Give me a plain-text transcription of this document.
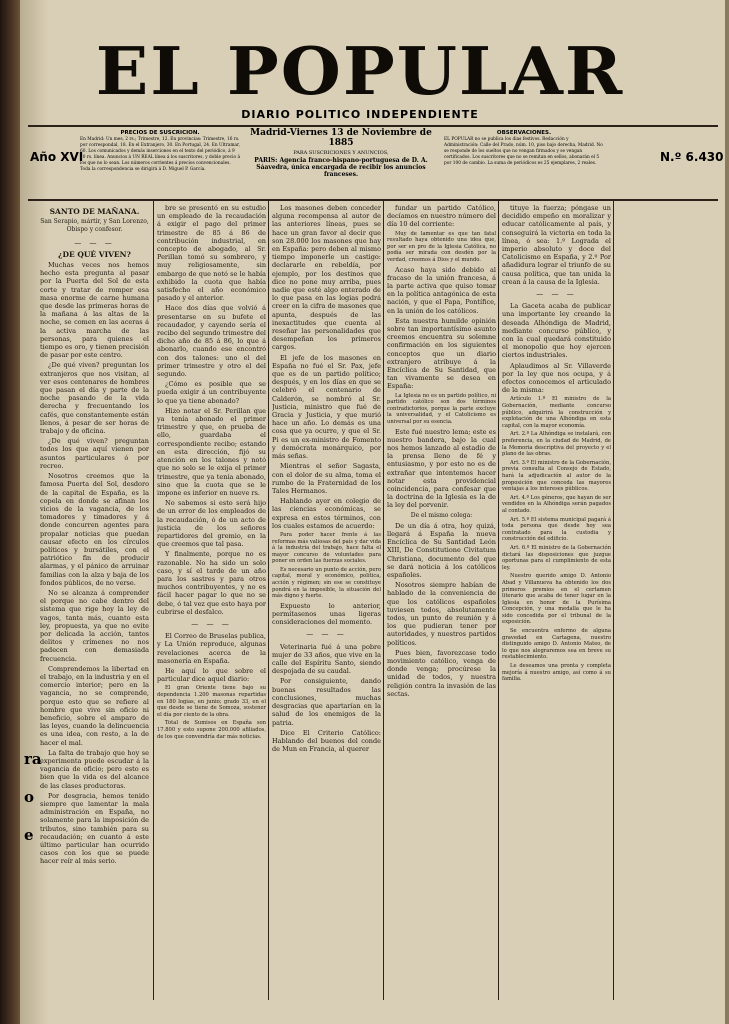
EL POPULAR
DIARIO POLITICO INDEPENDIENTE
Año XVI
PRECIOS DE SUSCRICION.
En Madrid: Un mes, 2 rs.; Trimestre, 12. En provincias: Trimestre, 16 rs. por correspondal, 18. En el Extranjero, 30. En Portugal, 24. En Ultramar, 60. Los comunicados y demás inserciones en el texto del periódico, á 9 10 rs. línea. Anuncios á UN REAL línea á los suscritores, y doble precio á los que no lo sean. Los números corrientes á precios convencionales. Toda la correspondencia se dirigirá á D. Miguel P. García.
Madrid-Viernes 13 de Noviembre de 1885
PARA SUSCRICIONES Y ANUNCIOS,
PARIS: Agencia franco-hispano-portuguesa de D. A. Sáavedra, única encargada de recibir los anuncios franceses.
OBSERVACIONES.
EL POPULAR no se publica los dias festivos. Redacción y Administración: Calle del Prado, núm. 10, piso bajo derecha, Madrid. No se responde de los sueltos que no vengan firmados y se vengan certificados. Los suscritores que no se remitan en sellos, abonarán el 5 por 100 de cambio. La suma de periódicos es 25 ejemplares, 2 reales.	N.º 6.430

SANTO DE MAÑANA.

San Serapio, mártir, y San Lorenzo, Obispo y confesor.

— — —

¿DE QUÉ VIVEN?

Muchas veces nos hemos hecho esta pregunta al pasar por la Puerta del Sol de esta corte y tratar de romper esa masa enorme de carne humana que desde las primeras horas de la mañana á las altas de la noche, se comen en las aceras á la activa marcha de las personas, para quienes el tiempo es oro, y tienen precisión de pasar por este centro.

¿De qué viven? preguntan los extranjeros que nos visitan, al ver esos centenares de hombres que pasan el día y parte de la noche pasando de la vida derecha y frecuentando los cafés, que constantemente están llenos, á pesar de ser horas de trabajo y de oficina.

¿De qué viven? preguntan todos los que aquí vienen por asuntos particulares ó por recreo.

Nosotros creemos que la famosa Puerta del Sol, desdoro de la capital de España, es la copela en donde se afinan los vicios de la vagancia, de los tomadores y timadores y á donde concurren agentes para propalar noticias que puedan causar efecto en los círculos políticos y bursátiles, con el patriótico fin de producir alarmas, y el pánico de arruinar familias con la alza y baja de los fondos públicos, de no verse.

No se alcanza á comprender el porque no cabe dentro del sistema que rige hoy la ley de vagos, tanta más, cuanto esta ley, propuesta, ya que no evite por delicada la acción, tantos delitos y crímenes no nos padecen con demasiada frecuencia.

Comprendemos la libertad en el trabajo, en la industria y en el comercio interior; pero en la vagancia, no se comprende, porque esto que se refiere al hombre que vive sin oficio ni beneficio, sobre el amparo de las leyes, cuando la delincuencia es una idea, con resto, a la de hacer el mal.

La falta de trabajo que hoy se experimenta puede escudar á la vagancia de oficio; pero esto es bien que la vida es del alcance de las clases productoras.

Por desgracia, hemos tenido siempre que lamentar la mala administración en España, no solamente para la imposición de tributos, sino también para su recaudación; en cuanto á este último particular han ocurrido casos con los que se puede hacer reír al más serio.

bre se presentó en su estudio un empleado de la recaudación á exigir el pago del primer trimestre de 85 á 86 de contribución industrial, en concepto de abogado, al Sr. Perillan tomó su sombrero, y muy religiosamente, sin embargo de que notó se le había exhibido la cuota que había satisfecho el año económico pasado y el anterior.

Hace dos días que volvió á presentarse en su bufete el recaudador, y cayendo sería el recibo del segundo trimestre del dicho año de 85 á 86, lo que á abonarlo, cuando ese encontró con dos talones: uno el del primer trimestre y otro el del segundo.

¿Cómo es posible que se pueda exigir á un contribuyente lo que ya tiene abonado?

Hizo notar el Sr. Perillan que ya tenía abonado el primer trimestre y que, en prueba de ello, guardaba el correspondiente recibo; estando en esta dirección, fijó su atención en los talones y notó que no solo se le exija el primer trimestre, que ya tenía abonado, sino que la cuota que se le impone es inferior en nueve rs.

No sabemos si esto será hijo de un error de los empleados de la recaudación, ó de un acto de justicia de los señores repartidores del gremio, en la que creemos que tal pasa.

Y finalmente, porque no es razonable. No ha sido un solo caso, y sí el tarde de un año para los sastres y para otros muchos contribuyentes, y no es fácil hacer pagar lo que no se debe, ó tal vez que esto haya por cubrirse el desfalco.

— — —

El Correo de Bruselas publica, y La Unión reproduce, algunas revelaciones acerca de la masonería en España.

He aquí lo que sobre el particular dice aquel diario:

El gran Oriente tiene bajo su dependencia 1.200 masonas repartidas en 180 logias, en junio; grado 33, en el que desde se tiene de Somoza, sostener el día por ciento de la obra.

Total de Sumisos en España son 17.800 y esto supone 200.000 afiliados, de los que convendría dar más noticias.

Los masones deben conceder alguna recompensa al autor de las anteriores líneas, pues se hace un gran favor al decir que son 28.000 los masones que hay en España: pero deben al mismo tiempo imponerle un castigo: declararle en rebeldía, por ejemplo, por los destinos que dice no pone muy arriba, pues nadie que esté algo enterado de lo que pasa en las logias podrá creer en la cifra de masones que apunta, después de las inexactitudes que cuenta al reseñar las personalidades que desempeñan los primeros cargos.

El jefe de los masones en España no fué el Sr. Pax, jefe que es de un partido político; después, y en los días en que se celebró el centenario de Calderón, se nombró al Sr. Justicia, ministro que fué de Gracia y Justicia, y que murió hace un año. Lo demás es una cosa que ya ocurre, y que el Sr. Pi es un ex-ministro de Fomento y demócrata monárquico, por más señas.

Mientras el señor Sagasta, con el dolor de su alma, toma el rumbo de la Fraternidad de los Tales Hermanos.

Hablando ayer en colegio de las ciencias económicas, se expresa en estos términos, con los cuales estamos de acuerdo:

Para poder hacer frente á las reformas más valiosas del país y dar vida á la industria del trabajo, hace falta el mayor concurso de voluntades para poner en orden las fuerzas sociales.

Es necesario un punto de acción, pero capital, moral y económico, política, acción y régimen; sin ese se constituye pondrá en la imposible, la situación del más digno y fuerte.

Expuesto lo anterior, permítasenos unas ligeras consideraciones del momento.

— — —

Veterinaria fué á una pobre mujer de 33 años, que vive en la calle del Espíritu Santo, siendo despojada de su caudal.

Por consiguiente, dando buenas resultados las conclusiones, muchas desgracias que apartarían en la salud de los enemigos de la patria.

Dice El Criterio Católico: Hablando del buenos del conde de Mun en Francia, al querer

fundar un partido Católico, decíamos en nuestro número del día 10 del corriente:

Muy de lamentar es que tan fatal resultado haya obtenido una idea que, por ser en pro de la Iglesia Católica, no podía ser mirada con desdén por la verdad, creemos á Dios y el mundo.

Acaso haya sido debido al fracaso de la unión francesa, á la parte activa que quiso tomar en la política antagónica de esta nación, y que el Papa, Pontífice, en la unión de los católicos.

Esta nuestra humilde opinión sobre tan importantísimo asunto creemos encuentra su solemne confirmación en los siguientes conceptos que un diario extranjero atribuye á la Encíclica de Su Santidad, que tan vivamente se desea en España:

La Iglesia no es un partido político, ni partido católico son dos términos contradictorios, porque la parte excluye la universalidad, y el Catolicismo es universal por su esencia.

Este fué nuestro lema; este es nuestro bandera, bajo la cual nos hemos lanzado al estadio de la prensa lleno de fé y entusiasmo, y por esto no es de extrañar que intentemos hacer notar esta providencial coincidencia, para confesar que la doctrina de la Iglesia es la de la ley del porvenir.

De el mismo colega:

De un día á otra, hoy quizá, llegará á España la nueva Encíclica de Su Santidad León XIII, De Constitutione Civitatum Christiana, documento del que se dará noticia á los católicos españoles.

Nosotros siempre habían de hablado de la conveniencia de que los católicos españoles tuviesen todos, absolutamente todos, un punto de reunión y á los que pudieran tener por autoridades, y nuestros partidos políticos.

Pues bien, favorezcase todo movimiento católico, venga de donde venga; procúrese la unidad de todos, y nuestra religión contra la invasión de las sectas.

tituye la fuerza; póngase un decidido empeño en moralizar y educar católicamente al país, y conseguirá la victoria en toda la línea, ó sea: 1.º Lograda el imperio absoluto y doce del Catolicismo en España, y 2.º Por añadidura lograr el triunfo de su causa política, que tan unida la crean á la causa de la Iglesia.

— — —

La Gaceta acaba de publicar una importante ley creando la deseada Alhóndiga de Madrid, mediante concurso público, y con la cual quedará constituido el monopolio que hoy ejercen ciertos industriales.

Aplaudimos al Sr. Villaverde por la ley que nos ocupa, y á efectos conocemos el articulado de la misma:

Artículo 1.º El ministro de la Gobernación, mediante concurso público, adquirirá la construcción y explotación de una Alhóndiga en esta capital, con la mayor economía.

Art. 2.º La Alhóndiga se instalará, con preferencia, en la ciudad de Madrid, de la Memoria descriptiva del proyecto y el plano de las obras.

Art. 3.º El ministro de la Gobernación, previa consulta al Consejo de Estado, hará la adjudicación al autor de la proposición que conceda las mayores ventajas a los intereses públicos.

Art. 4.º Los géneros, que hayan de ser vendidos en la Alhóndiga serán pagados al contado.

Art. 5.º El sistema municipal pagará á toda persona que desde hoy sea contratado para la custodia y construcción del edificio.

Art. 6.º El ministro de la Gobernación dictará las disposiciones que juzgue oportunas para el cumplimiento de esta ley.

Nuestro querido amigo D. Antonio Abad y Villanueva ha obtenido los dos primeros premios en el certamen literario que acaba de tener lugar en la Iglesia en honor de la Purísima Concepción, y una medalla que le ha sido concedida por el tribunal de la exposición.

Se encuentra enfermo de alguna gravedad en Cartagena, nuestro distinguido amigo D. Antonio Mateo, de lo que nos alegraremos sea en breve su restablecimiento.

Le deseamos una pronta y completa mejoría á nuestro amigo, así como á su familia.

ra
o
e
